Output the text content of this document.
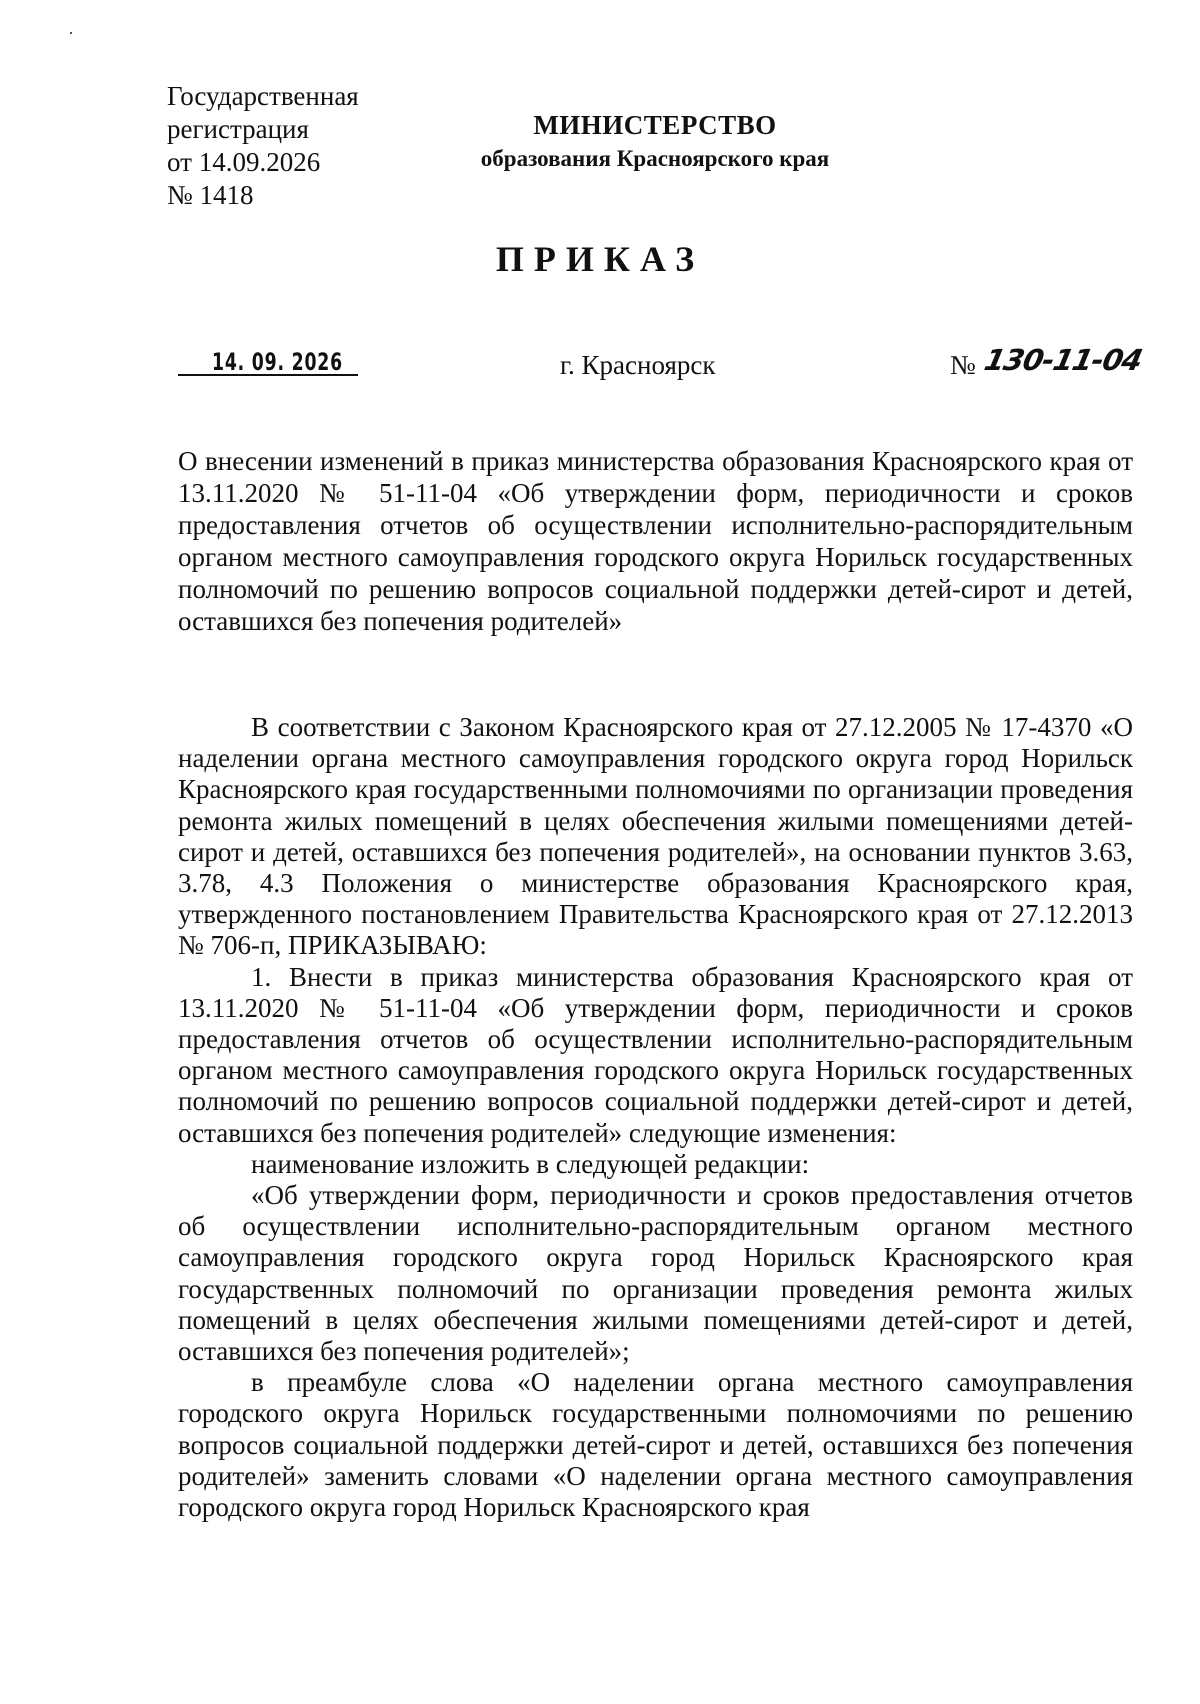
Государственная
регистрация
от 14.09.2026
№ 1418
МИНИСТЕРСТВО
образования Красноярского края
ПРИКАЗ
14. 09. 2026	г. Красноярск	№ 130-11-04
О внесении изменений в приказ министерства образования Красноярского края от 13.11.2020 № 51-11-04 «Об утверждении форм, периодичности и сроков предоставления отчетов об осуществлении исполнительно-распорядительным органом местного самоуправления городского округа Норильск государственных полномочий по решению вопросов социальной поддержки детей-сирот и детей, оставшихся без попечения родителей»

В соответствии с Законом Красноярского края от 27.12.2005 № 17-4370 «О наделении органа местного самоуправления городского округа город Норильск Красноярского края государственными полномочиями по организации проведения ремонта жилых помещений в целях обеспечения жилыми помещениями детей-сирот и детей, оставшихся без попечения родителей», на основании пунктов 3.63, 3.78, 4.3 Положения о министерстве образования Красноярского края, утвержденного постановлением Правительства Красноярского края от 27.12.2013 № 706-п, ПРИКАЗЫВАЮ:

1. Внести в приказ министерства образования Красноярского края от 13.11.2020 № 51-11-04 «Об утверждении форм, периодичности и сроков предоставления отчетов об осуществлении исполнительно-распорядительным органом местного самоуправления городского округа Норильск государственных полномочий по решению вопросов социальной поддержки детей-сирот и детей, оставшихся без попечения родителей» следующие изменения:

наименование изложить в следующей редакции:

«Об утверждении форм, периодичности и сроков предоставления отчетов об осуществлении исполнительно-распорядительным органом местного самоуправления городского округа город Норильск Красноярского края государственных полномочий по организации проведения ремонта жилых помещений в целях обеспечения жилыми помещениями детей-сирот и детей, оставшихся без попечения родителей»;

в преамбуле слова «О наделении органа местного самоуправления городского округа Норильск государственными полномочиями по решению вопросов социальной поддержки детей-сирот и детей, оставшихся без попечения родителей» заменить словами «О наделении органа местного самоуправления городского округа город Норильск Красноярского края
